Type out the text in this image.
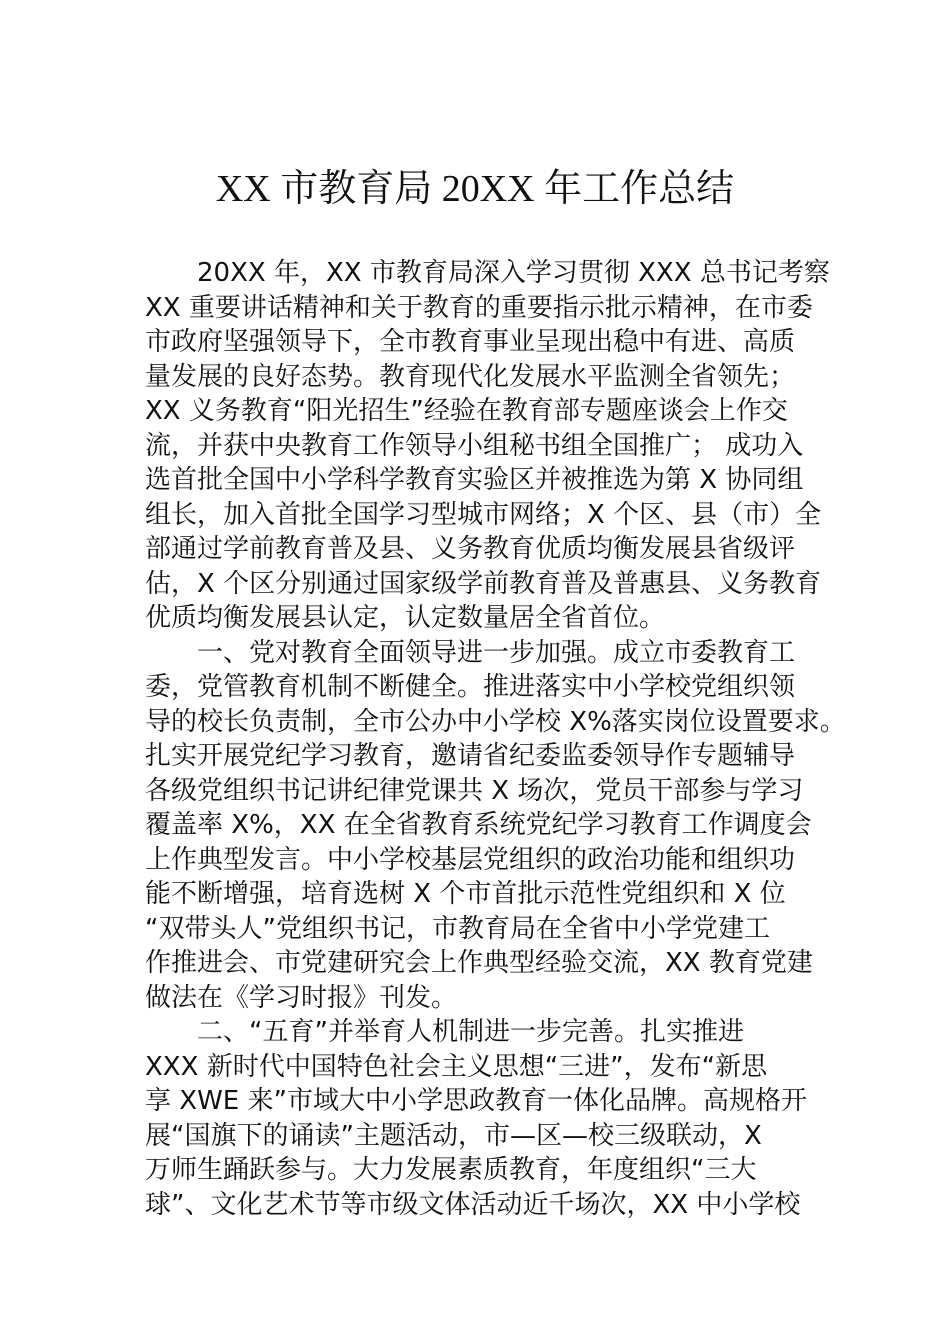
XX 市教育局 20XX 年工作总结
20XX 年，XX 市教育局深入学习贯彻 XXX 总书记考察
XX 重要讲话精神和关于教育的重要指示批示精神，在市委
市政府坚强领导下，全市教育事业呈现出稳中有进、高质
量发展的良好态势。教育现代化发展水平监测全省领先；
XX 义务教育“阳光招生”经验在教育部专题座谈会上作交
流，并获中央教育工作领导小组秘书组全国推广； 成功入
选首批全国中小学科学教育实验区并被推选为第 X 协同组
组长，加入首批全国学习型城市网络；X 个区、县（市）全
部通过学前教育普及县、义务教育优质均衡发展县省级评
估，X 个区分别通过国家级学前教育普及普惠县、义务教育
优质均衡发展县认定，认定数量居全省首位。
一、党对教育全面领导进一步加强。成立市委教育工
委，党管教育机制不断健全。推进落实中小学校党组织领
导的校长负责制，全市公办中小学校 X%落实岗位设置要求。
扎实开展党纪学习教育，邀请省纪委监委领导作专题辅导
各级党组织书记讲纪律党课共 X 场次，党员干部参与学习
覆盖率 X%，XX 在全省教育系统党纪学习教育工作调度会
上作典型发言。中小学校基层党组织的政治功能和组织功
能不断增强，培育选树 X 个市首批示范性党组织和 X 位
“双带头人”党组织书记，市教育局在全省中小学党建工
作推进会、市党建研究会上作典型经验交流，XX 教育党建
做法在《学习时报》刊发。
二、“五育”并举育人机制进一步完善。扎实推进
XXX 新时代中国特色社会主义思想“三进”，发布“新思
享 XWE 来”市域大中小学思政教育一体化品牌。高规格开
展“国旗下的诵读”主题活动，市—区—校三级联动，X
万师生踊跃参与。大力发展素质教育，年度组织“三大
球”、文化艺术节等市级文体活动近千场次，XX 中小学校
